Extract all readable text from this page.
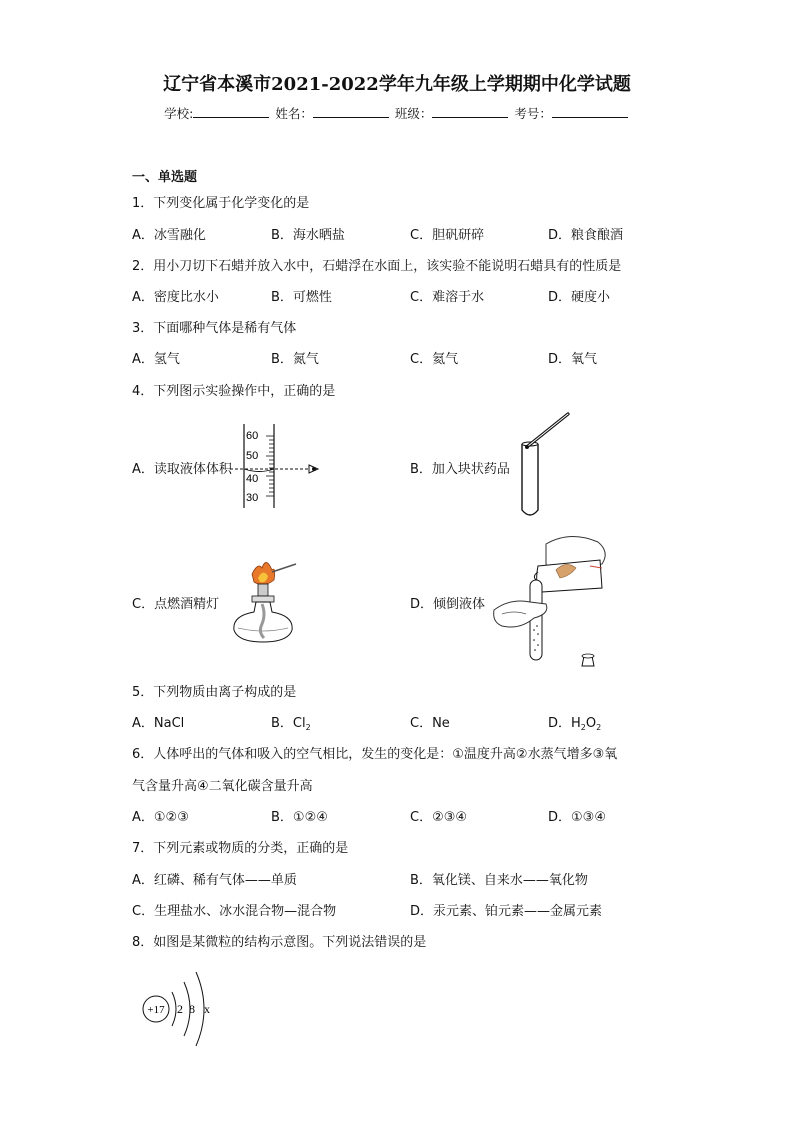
辽宁省本溪市2021-2022学年九年级上学期期中化学试题
学校:	姓名：	班级：	考号：
一、单选题
1．下列变化属于化学变化的是
A．冰雪融化	B．海水晒盐	C．胆矾研碎	D．粮食酿酒
2．用小刀切下石蜡并放入水中，石蜡浮在水面上，该实验不能说明石蜡具有的性质是
A．密度比水小	B．可燃性	C．难溶于水	D．硬度小
3．下面哪种气体是稀有气体
A．氢气	B．氮气	C．氦气	D．氧气
4．下列图示实验操作中，正确的是
A．读取液体体积
60
50
40
30
B．加入块状药品
C．点燃酒精灯	D．倾倒液体
5．下列物质由离子构成的是
A．NaCl	B．$Cl_2$	C．Ne	D．$H_2O_2$
6．人体呼出的气体和吸入的空气相比，发生的变化是：①温度升高②水蒸气增多③氧
气含量升高④二氧化碳含量升高
A．①②③	B．①②④	C．②③④	D．①③④
7．下列元素或物质的分类，正确的是
A．红磷、稀有气体——单质	B．氧化镁、自来水——氧化物
C．生理盐水、冰水混合物—混合物	D．汞元素、铂元素——金属元素
8．如图是某微粒的结构示意图。下列说法错误的是
+17 2 8 x
